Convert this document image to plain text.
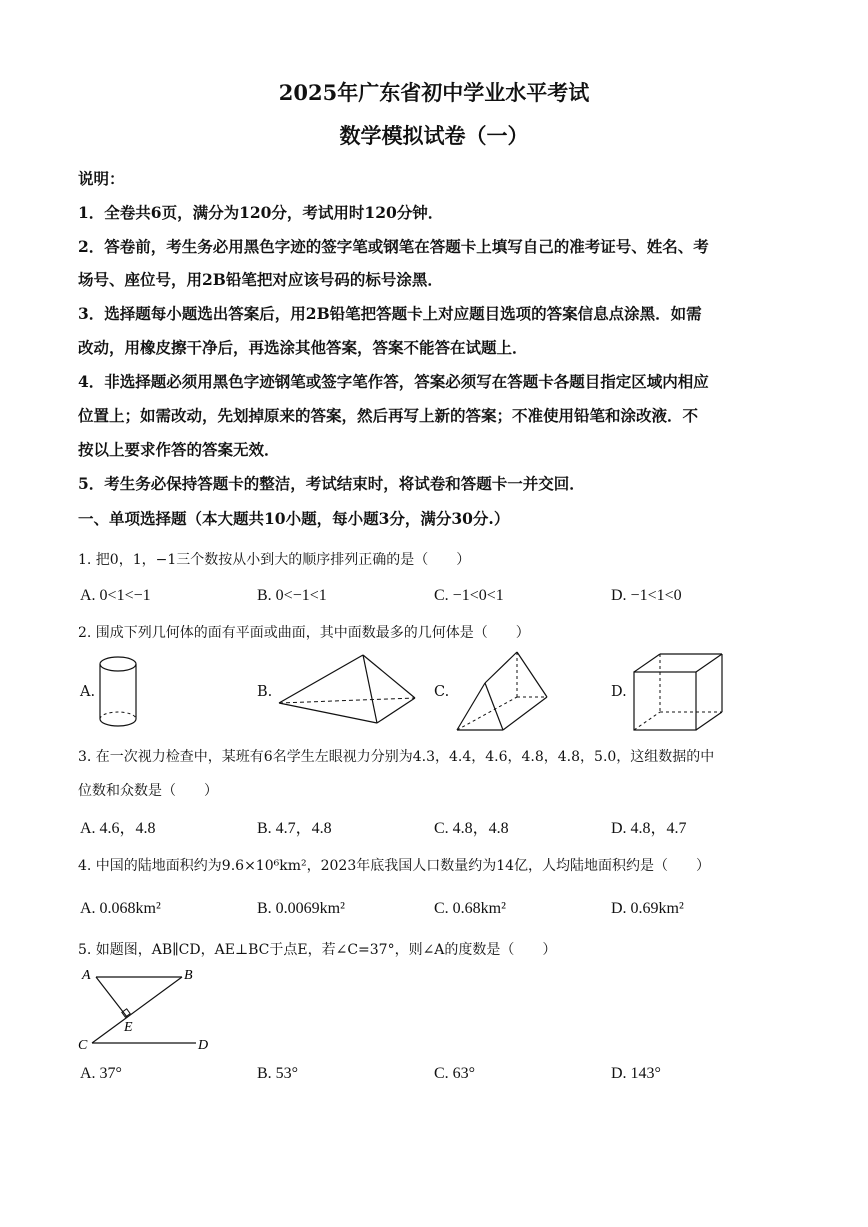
2025年广东省初中学业水平考试
数学模拟试卷（一）
说明：
1．全卷共6页，满分为120分，考试用时120分钟．
2．答卷前，考生务必用黑色字迹的签字笔或钢笔在答题卡上填写自己的准考证号、姓名、考
场号、座位号，用2B铅笔把对应该号码的标号涂黑．
3．选择题每小题选出答案后，用2B铅笔把答题卡上对应题目选项的答案信息点涂黑．如需
改动，用橡皮擦干净后，再选涂其他答案，答案不能答在试题上．
4．非选择题必须用黑色字迹钢笔或签字笔作答，答案必须写在答题卡各题目指定区域内相应
位置上；如需改动，先划掉原来的答案，然后再写上新的答案；不准使用铅笔和涂改液．不
按以上要求作答的答案无效．
5．考生务必保持答题卡的整洁，考试结束时，将试卷和答题卡一并交回．
一、单项选择题（本大题共10小题，每小题3分，满分30分.）
1. 把0，1，−1三个数按从小到大的顺序排列正确的是（　　）
A. 0<1<−1	B. 0<−1<1	C. −1<0<1	D. −1<1<0
2. 围成下列几何体的面有平面或曲面，其中面数最多的几何体是（　　）
A.	B.	C.	D.
3. 在一次视力检查中，某班有6名学生左眼视力分别为4.3，4.4，4.6，4.8，4.8，5.0，这组数据的中
位数和众数是（　　）
A. 4.6，4.8	B. 4.7，4.8	C. 4.8，4.8	D. 4.8，4.7
4. 中国的陆地面积约为9.6×10⁶km²，2023年底我国人口数量约为14亿，人均陆地面积约是（　　）
A. 0.068km²	B. 0.0069km²	C. 0.68km²	D. 0.69km²
5. 如题图，AB∥CD，AE⊥BC于点E，若∠C=37°，则∠A的度数是（　　）
A	B
E
C	D
A. 37°	B. 53°	C. 63°	D. 143°
